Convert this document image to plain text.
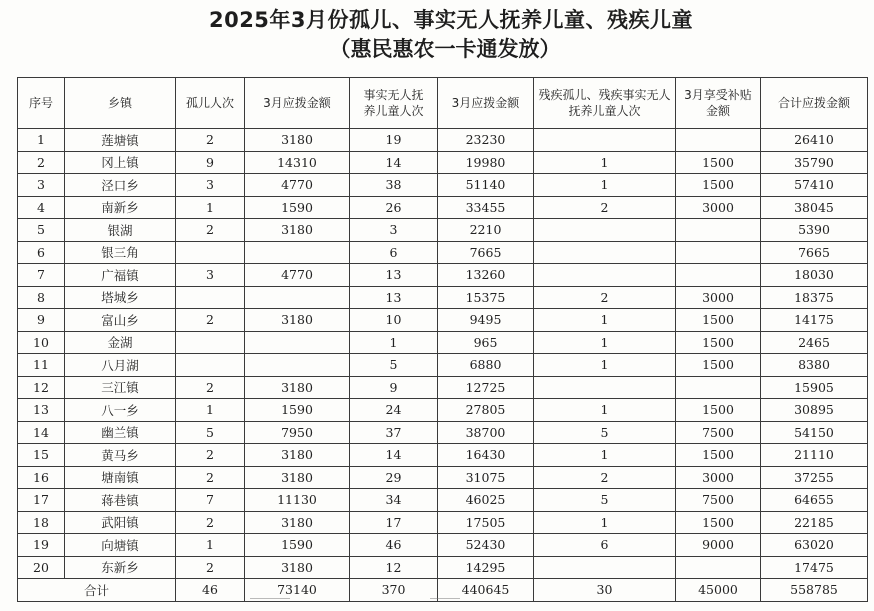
2025年3月份孤儿、事实无人抚养儿童、残疾儿童
（惠民惠农一卡通发放）
序号	乡镇	孤儿人次	3月应拨金额	事实无人抚养儿童人次	3月应拨金额	残疾孤儿、残疾事实无人抚养儿童人次	3月享受补贴金额	合计应拨金额
1	莲塘镇	2	3180	19	23230			26410
2	冈上镇	9	14310	14	19980	1	1500	35790
3	泾口乡	3	4770	38	51140	1	1500	57410
4	南新乡	1	1590	26	33455	2	3000	38045
5	银湖	2	3180	3	2210			5390
6	银三角			6	7665			7665
7	广福镇	3	4770	13	13260			18030
8	塔城乡			13	15375	2	3000	18375
9	富山乡	2	3180	10	9495	1	1500	14175
10	金湖			1	965	1	1500	2465
11	八月湖			5	6880	1	1500	8380
12	三江镇	2	3180	9	12725			15905
13	八一乡	1	1590	24	27805	1	1500	30895
14	幽兰镇	5	7950	37	38700	5	7500	54150
15	黄马乡	2	3180	14	16430	1	1500	21110
16	塘南镇	2	3180	29	31075	2	3000	37255
17	蒋巷镇	7	11130	34	46025	5	7500	64655
18	武阳镇	2	3180	17	17505	1	1500	22185
19	向塘镇	1	1590	46	52430	6	9000	63020
20	东新乡	2	3180	12	14295			17475
合计		46	73140	370	440645	30	45000	558785
